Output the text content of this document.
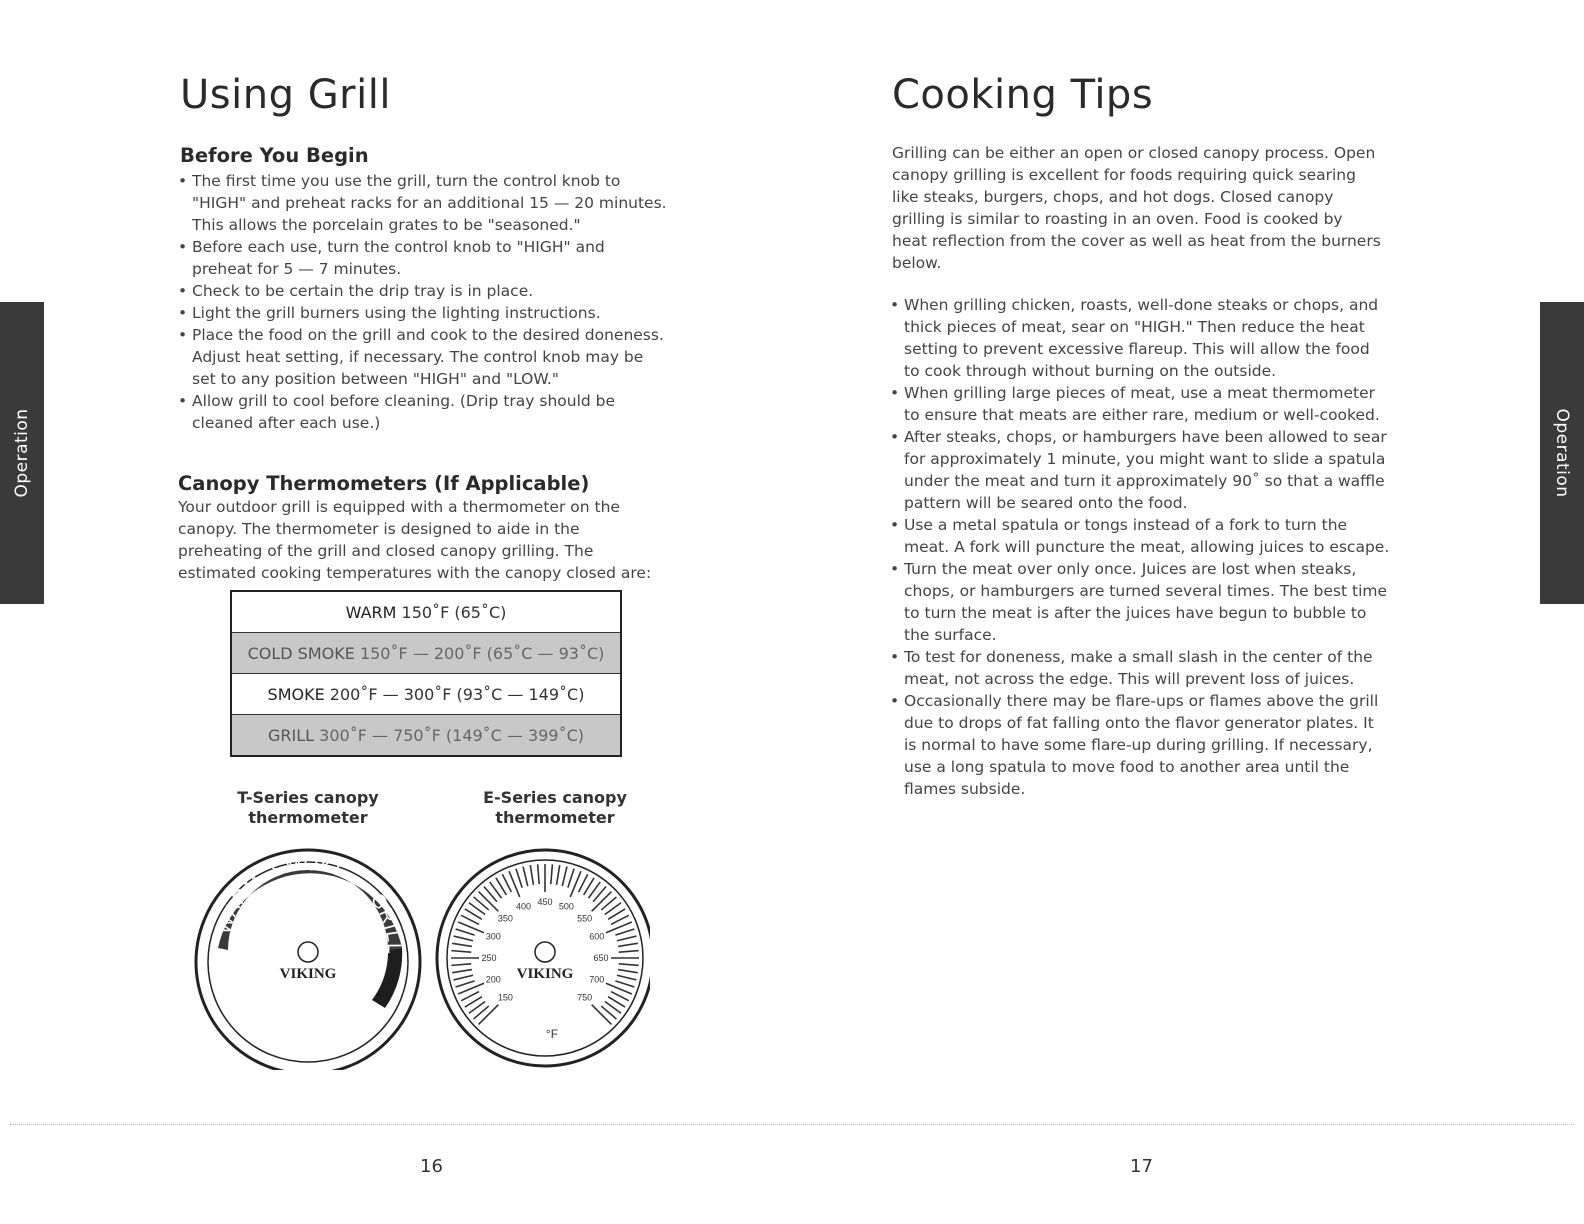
Operation
Using Grill
Before You Begin
• The first time you use the grill, turn the control knob to "HIGH" and preheat racks for an additional 15 — 20 minutes. This allows the porcelain grates to be "seasoned."
• Before each use, turn the control knob to "HIGH" and preheat for 5 — 7 minutes.
• Check to be certain the drip tray is in place.
• Light the grill burners using the lighting instructions.
• Place the food on the grill and cook to the desired doneness. Adjust heat setting, if necessary. The control knob may be set to any position between "HIGH" and "LOW."
• Allow grill to cool before cleaning. (Drip tray should be cleaned after each use.)
Canopy Thermometers (If Applicable)

Your outdoor grill is equipped with a thermometer on the canopy. The thermometer is designed to aide in the preheating of the grill and closed canopy grilling. The estimated cooking temperatures with the canopy closed are:

WARM 150˚F (65˚C)
COLD SMOKE 150˚F — 200˚F (65˚C — 93˚C)
SMOKE 200˚F — 300˚F (93˚C — 149˚C)
GRILL 300˚F — 750˚F (149˚C — 399˚C)
T-Series canopy
thermometer
E-Series canopy
thermometer
WARM
SMOKE
GRILL
VIKING
150
200
250
300
350
400 450 500
550
600
650
700
750
VIKING
°F
16
Cooking Tips

Grilling can be either an open or closed canopy process. Open canopy grilling is excellent for foods requiring quick searing like steaks, burgers, chops, and hot dogs. Closed canopy grilling is similar to roasting in an oven. Food is cooked by heat reflection from the cover as well as heat from the burners below.

• When grilling chicken, roasts, well-done steaks or chops, and thick pieces of meat, sear on "HIGH." Then reduce the heat setting to prevent excessive flareup. This will allow the food to cook through without burning on the outside.
• When grilling large pieces of meat, use a meat thermometer to ensure that meats are either rare, medium or well-cooked.
• After steaks, chops, or hamburgers have been allowed to sear for approximately 1 minute, you might want to slide a spatula under the meat and turn it approximately 90˚ so that a waffle pattern will be seared onto the food.
• Use a metal spatula or tongs instead of a fork to turn the meat. A fork will puncture the meat, allowing juices to escape.
• Turn the meat over only once. Juices are lost when steaks, chops, or hamburgers are turned several times. The best time to turn the meat is after the juices have begun to bubble to the surface.
• To test for doneness, make a small slash in the center of the meat, not across the edge. This will prevent loss of juices.
• Occasionally there may be flare-ups or flames above the grill due to drops of fat falling onto the flavor generator plates. It is normal to have some flare-up during grilling. If necessary, use a long spatula to move food to another area until the flames subside.
Operation
17
